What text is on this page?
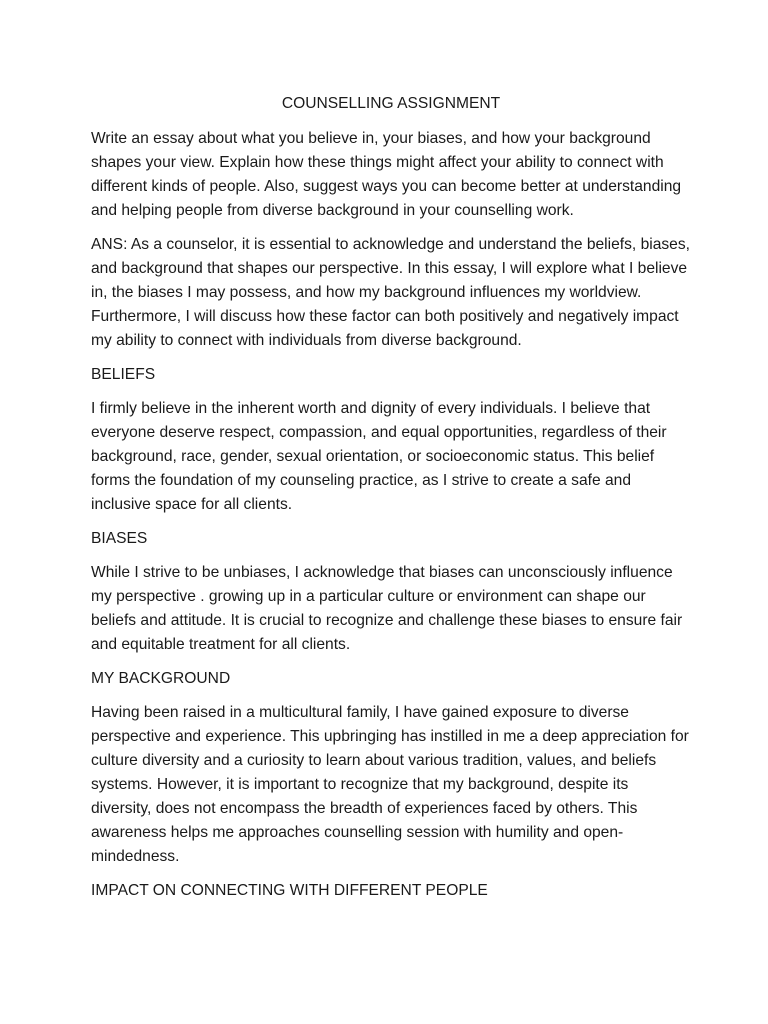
COUNSELLING ASSIGNMENT

Write an essay about what you believe in, your biases, and how your background shapes your view. Explain how these things might affect your ability to connect with different kinds of people. Also, suggest ways you can become better at understanding and helping people from diverse background in your counselling work.

ANS: As a counselor, it is essential to acknowledge and understand the beliefs, biases, and background that shapes our perspective. In this essay, I will explore what I believe in, the biases I may possess, and how my background influences my worldview. Furthermore, I will discuss how these factor can both positively and negatively impact my ability to connect with individuals from diverse background.

BELIEFS

I firmly believe in the inherent worth and dignity of every individuals. I believe that everyone deserve respect, compassion, and equal opportunities, regardless of their background, race, gender, sexual orientation, or socioeconomic status. This belief forms the foundation of my counseling practice, as I strive to create a safe and inclusive space for all clients.

BIASES

While I strive to be unbiases, I acknowledge that biases can unconsciously influence my perspective . growing up in a particular culture or environment can shape our beliefs and attitude. It is crucial to recognize and challenge these biases to ensure fair and equitable treatment for all clients.

MY BACKGROUND

Having been raised in a multicultural family, I have gained exposure to diverse perspective and experience. This upbringing has instilled in me a deep appreciation for culture diversity and a curiosity to learn about various tradition, values, and beliefs systems. However, it is important to recognize that my background, despite its diversity, does not encompass the breadth of experiences faced by others. This awareness helps me approaches counselling session with humility and open-mindedness.

IMPACT ON CONNECTING WITH DIFFERENT PEOPLE
